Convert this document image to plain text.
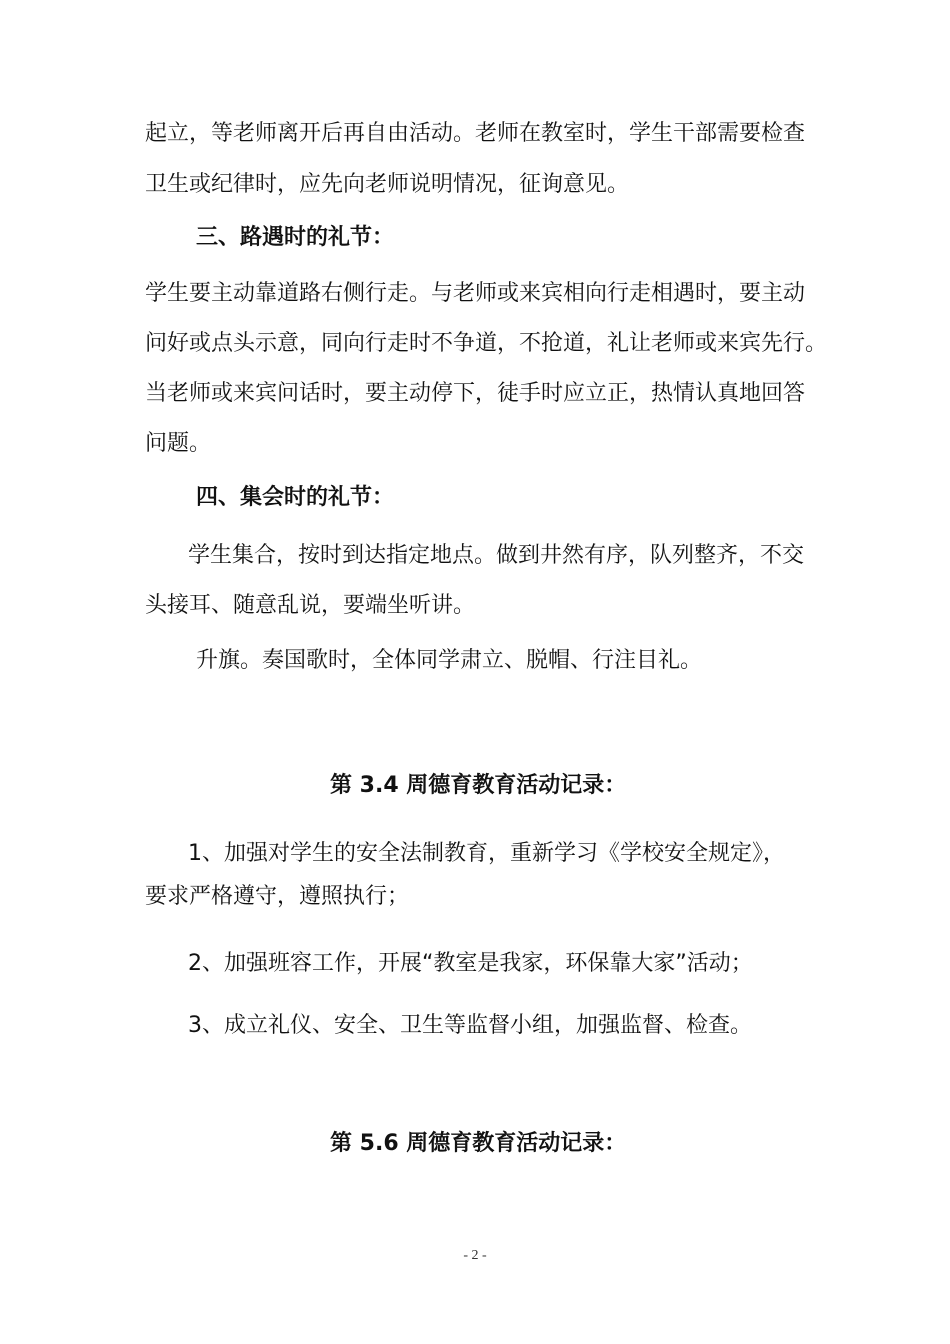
起立，等老师离开后再自由活动。老师在教室时，学生干部需要检查

卫生或纪律时，应先向老师说明情况，征询意见。

三、路遇时的礼节：

学生要主动靠道路右侧行走。与老师或来宾相向行走相遇时，要主动

问好或点头示意，同向行走时不争道，不抢道，礼让老师或来宾先行。

当老师或来宾问话时，要主动停下，徒手时应立正，热情认真地回答

问题。

四、集会时的礼节：

学生集合，按时到达指定地点。做到井然有序，队列整齐，不交

头接耳、随意乱说，要端坐听讲。

升旗。奏国歌时，全体同学肃立、脱帽、行注目礼。

第 3.4 周德育教育活动记录：

1、加强对学生的安全法制教育，重新学习《学校安全规定》，

要求严格遵守，遵照执行；

2、加强班容工作，开展“教室是我家，环保靠大家”活动；

3、成立礼仪、安全、卫生等监督小组，加强监督、检查。

第 5.6 周德育教育活动记录：

- 2 -
